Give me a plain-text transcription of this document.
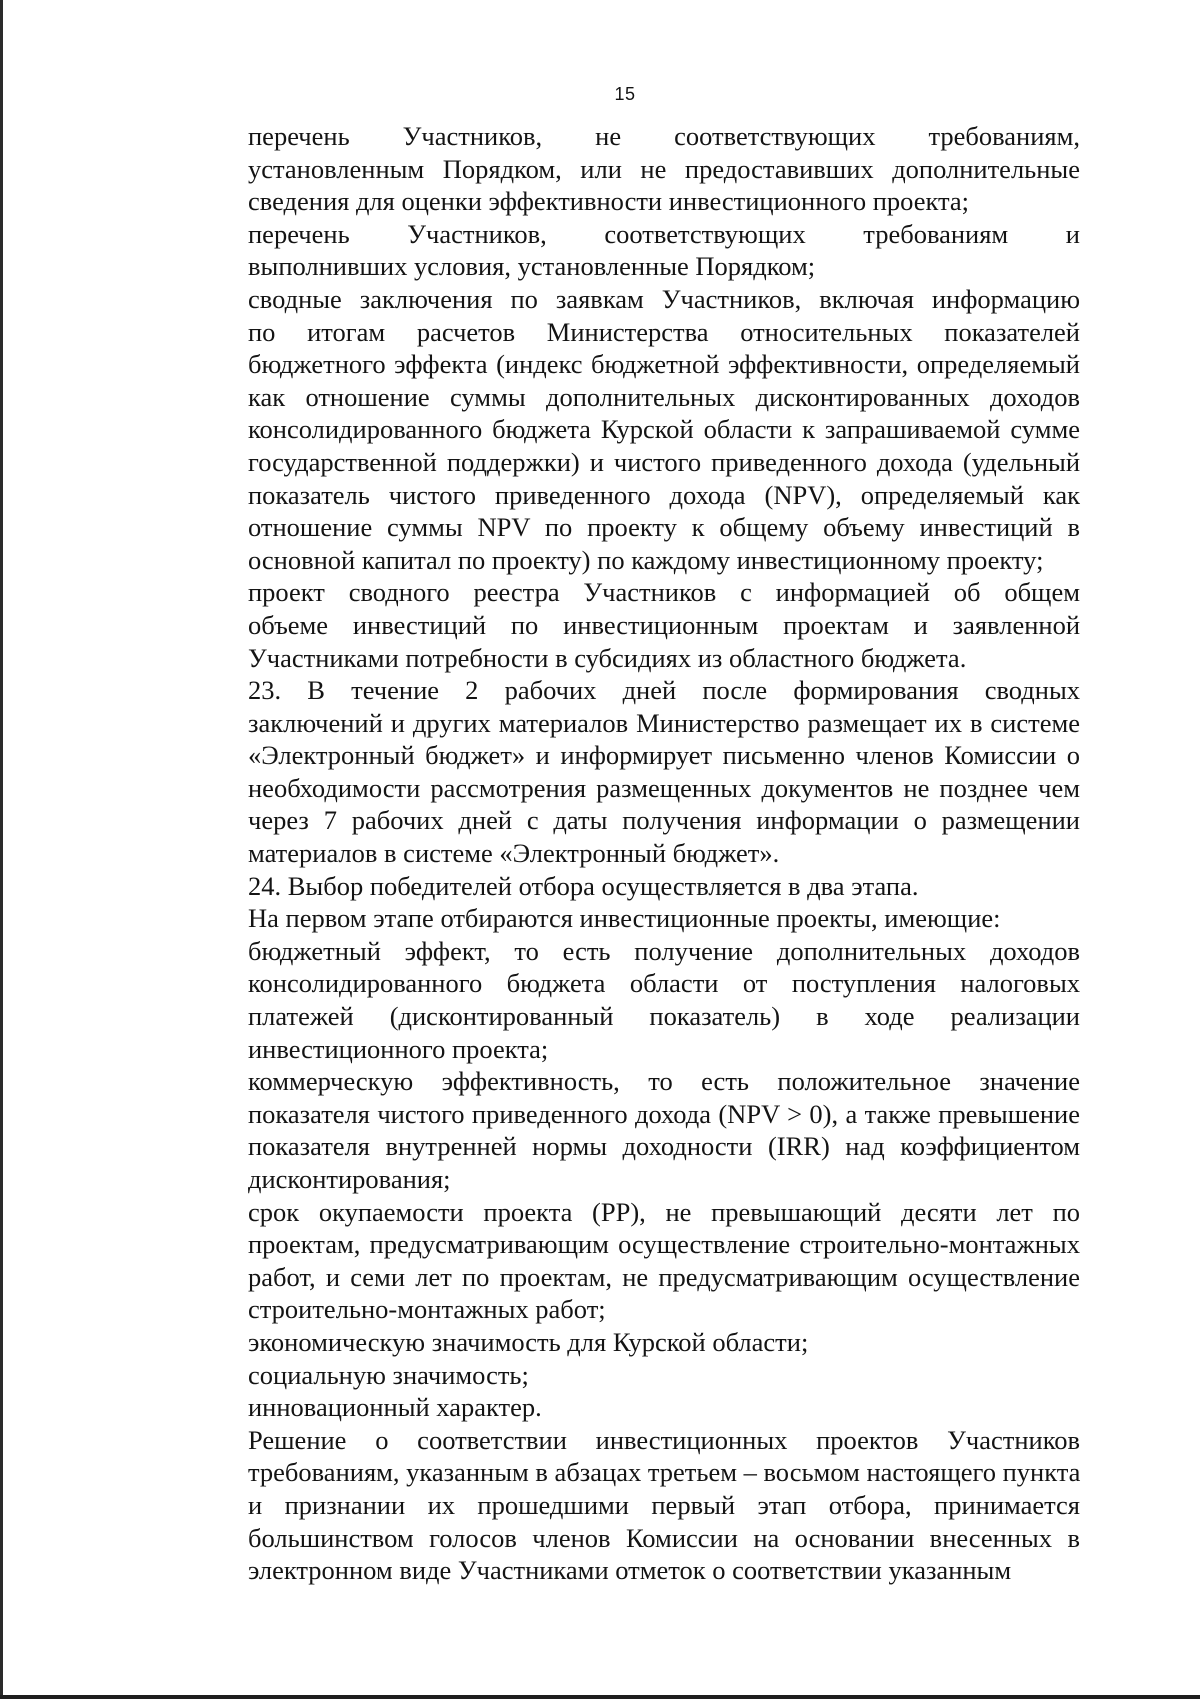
15

перечень Участников, не соответствующих требованиям,
установленным Порядком, или не предоставивших дополнительные
сведения для оценки эффективности инвестиционного проекта;

перечень Участников, соответствующих требованиям и
выполнивших условия, установленные Порядком;

сводные заключения по заявкам Участников, включая информацию
по итогам расчетов Министерства относительных показателей
бюджетного эффекта (индекс бюджетной эффективности, определяемый
как отношение суммы дополнительных дисконтированных доходов
консолидированного бюджета Курской области к запрашиваемой сумме
государственной поддержки) и чистого приведенного дохода (удельный
показатель чистого приведенного дохода (NPV), определяемый как
отношение суммы NPV по проекту к общему объему инвестиций в
основной капитал по проекту) по каждому инвестиционному проекту;

проект сводного реестра Участников с информацией об общем
объеме инвестиций по инвестиционным проектам и заявленной
Участниками потребности в субсидиях из областного бюджета.

23. В течение 2 рабочих дней после формирования сводных
заключений и других материалов Министерство размещает их в системе
«Электронный бюджет» и информирует письменно членов Комиссии о
необходимости рассмотрения размещенных документов не позднее чем
через 7 рабочих дней с даты получения информации о размещении
материалов в системе «Электронный бюджет».

24. Выбор победителей отбора осуществляется в два этапа.

На первом этапе отбираются инвестиционные проекты, имеющие:

бюджетный эффект, то есть получение дополнительных доходов
консолидированного бюджета области от поступления налоговых
платежей (дисконтированный показатель) в ходе реализации
инвестиционного проекта;

коммерческую эффективность, то есть положительное значение
показателя чистого приведенного дохода (NPV > 0), а также превышение
показателя внутренней нормы доходности (IRR) над коэффициентом
дисконтирования;

срок окупаемости проекта (PP), не превышающий десяти лет по
проектам, предусматривающим осуществление строительно-монтажных
работ, и семи лет по проектам, не предусматривающим осуществление
строительно-монтажных работ;

экономическую значимость для Курской области;

социальную значимость;

инновационный характер.

Решение о соответствии инвестиционных проектов Участников
требованиям, указанным в абзацах третьем – восьмом настоящего пункта
и признании их прошедшими первый этап отбора, принимается
большинством голосов членов Комиссии на основании внесенных в
электронном виде Участниками отметок о соответствии указанным
